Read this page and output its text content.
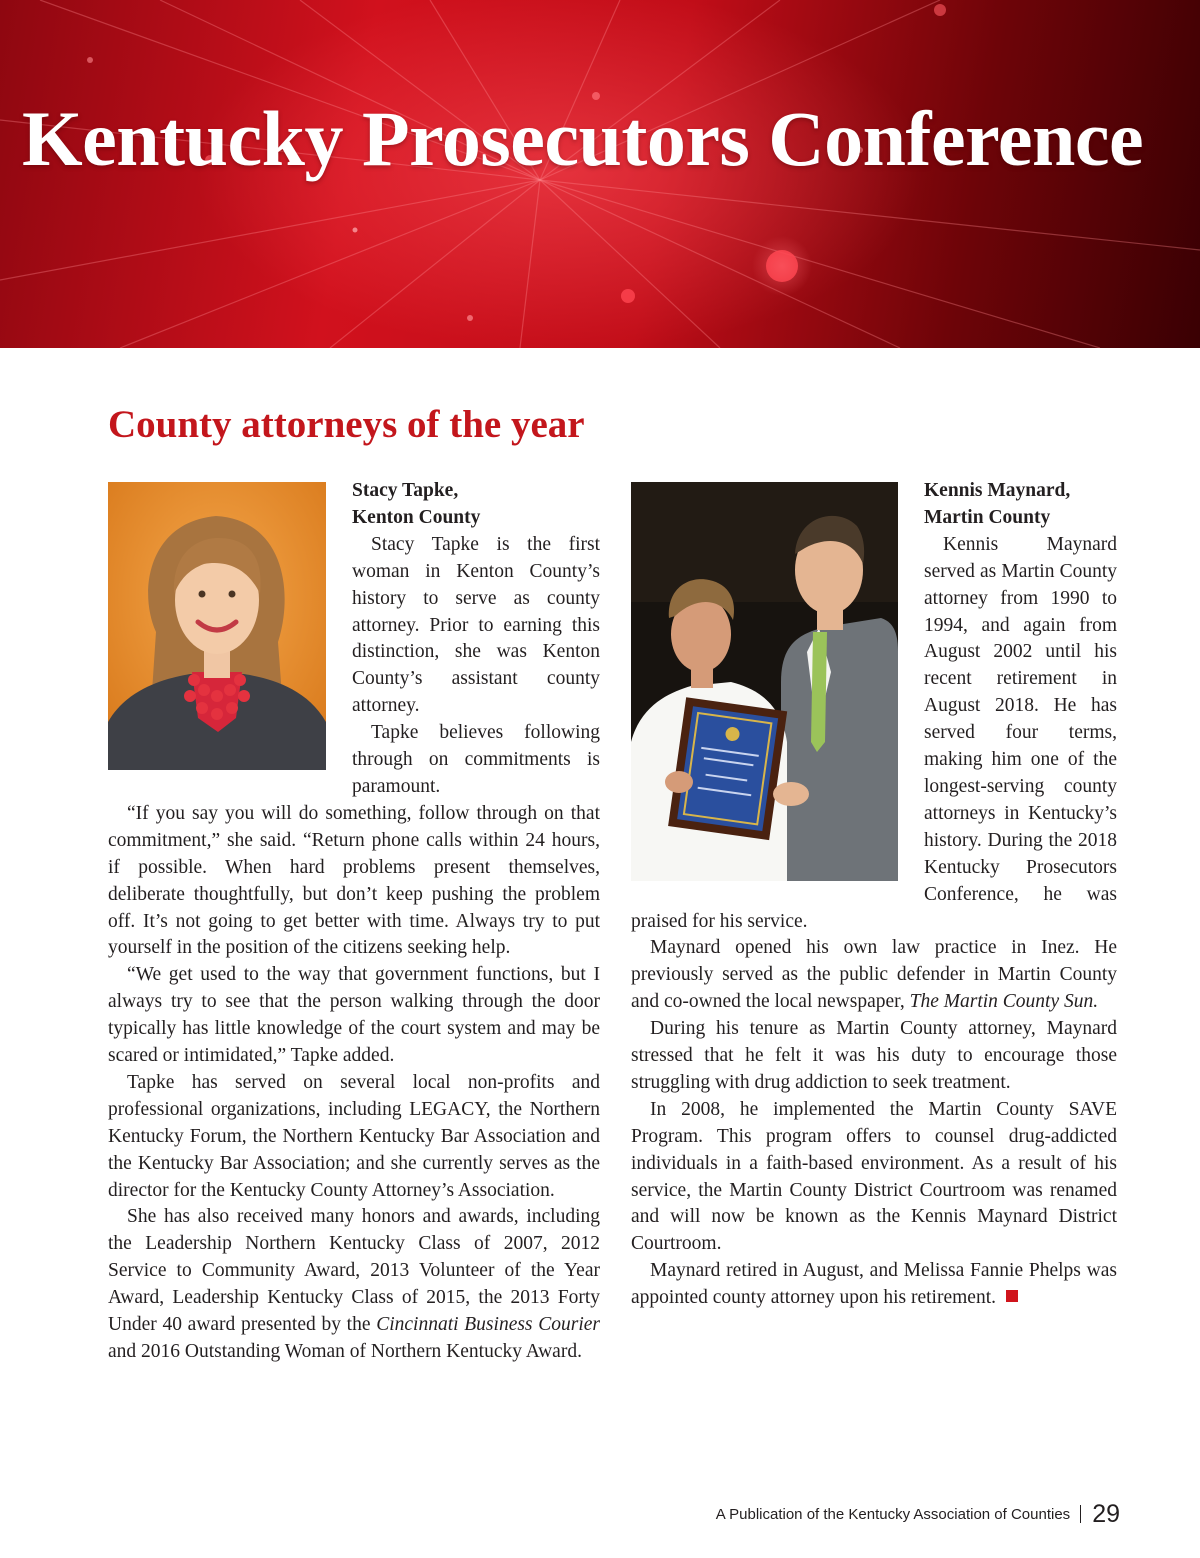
Kentucky Prosecutors Conference
County attorneys of the year
Stacy Tapke,
Kenton County

Stacy Tapke is the first woman in Kenton County’s history to serve as county attorney. Prior to earning this distinction, she was Kenton County’s assistant county attorney.

Tapke believes following through on commitments is paramount.

“If you say you will do something, follow through on that commitment,” she said. “Return phone calls within 24 hours, if possible. When hard problems present themselves, deliberate thoughtfully, but don’t keep pushing the problem off. It’s not going to get better with time. Always try to put yourself in the position of the citizens seeking help.

“We get used to the way that government functions, but I always try to see that the person walking through the door typically has little knowledge of the court system and may be scared or intimidated,” Tapke added.

Tapke has served on several local non-profits and professional organizations, including LEGACY, the Northern Kentucky Forum, the Northern Kentucky Bar Association and the Kentucky Bar Association; and she currently serves as the director for the Kentucky County Attorney’s Association.

She has also received many honors and awards, including the Leadership Northern Kentucky Class of 2007, 2012 Service to Community Award, 2013 Volunteer of the Year Award, Leadership Kentucky Class of 2015, the 2013 Forty Under 40 award presented by the Cincinnati Business Courier and 2016 Outstanding Woman of Northern Kentucky Award.

Kennis Maynard,
Martin County

Kennis Maynard served as Martin County attorney from 1990 to 1994, and again from August 2002 until his recent retirement in August 2018. He has served four terms, making him one of the longest-serving county attorneys in Kentucky’s history. During the 2018 Kentucky Prosecutors Conference, he was praised for his service.

Maynard opened his own law practice in Inez. He previously served as the public defender in Martin County and co-owned the local newspaper, The Martin County Sun.

During his tenure as Martin County attorney, Maynard stressed that he felt it was his duty to encourage those struggling with drug addiction to seek treatment.

In 2008, he implemented the Martin County SAVE Program. This program offers to counsel drug-addicted individuals in a faith-based environment. As a result of his service, the Martin County District Courtroom was renamed and will now be known as the Kennis Maynard District Courtroom.

Maynard retired in August, and Melissa Fannie Phelps was appointed county attorney upon his retirement.

A Publication of the Kentucky Association of Counties 29
